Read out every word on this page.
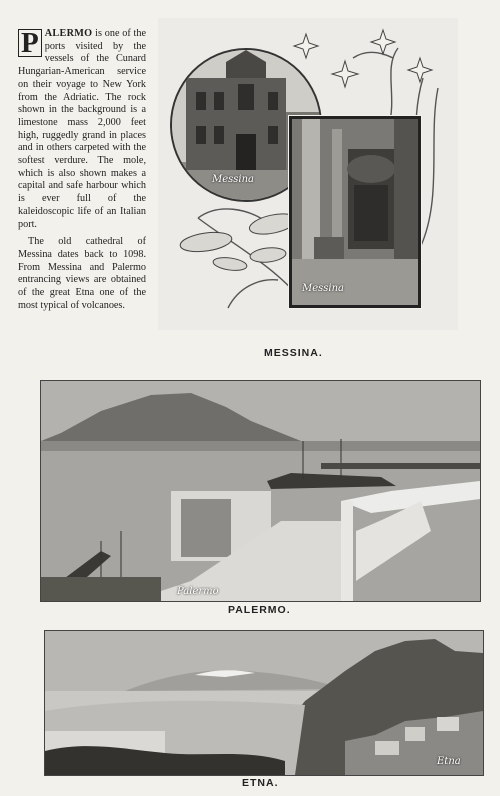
P ALERMO is one of the ports visited by the vessels of the Cunard Hungarian-American service on their voyage to New York from the Adriatic. The rock shown in the background is a limestone mass 2,000 feet high, ruggedly grand in places and in others carpeted with the softest verdure. The mole, which is also shown makes a capital and safe harbour which is ever full of the kaleidoscopic life of an Italian port.

The old cathedral of Messina dates back to 1098. From Messina and Palermo entrancing views are obtained of the great Etna one of the most typical of volcanoes.

Messina
Messina
MESSINA.
Palermo
PALERMO.
Etna
ETNA.
